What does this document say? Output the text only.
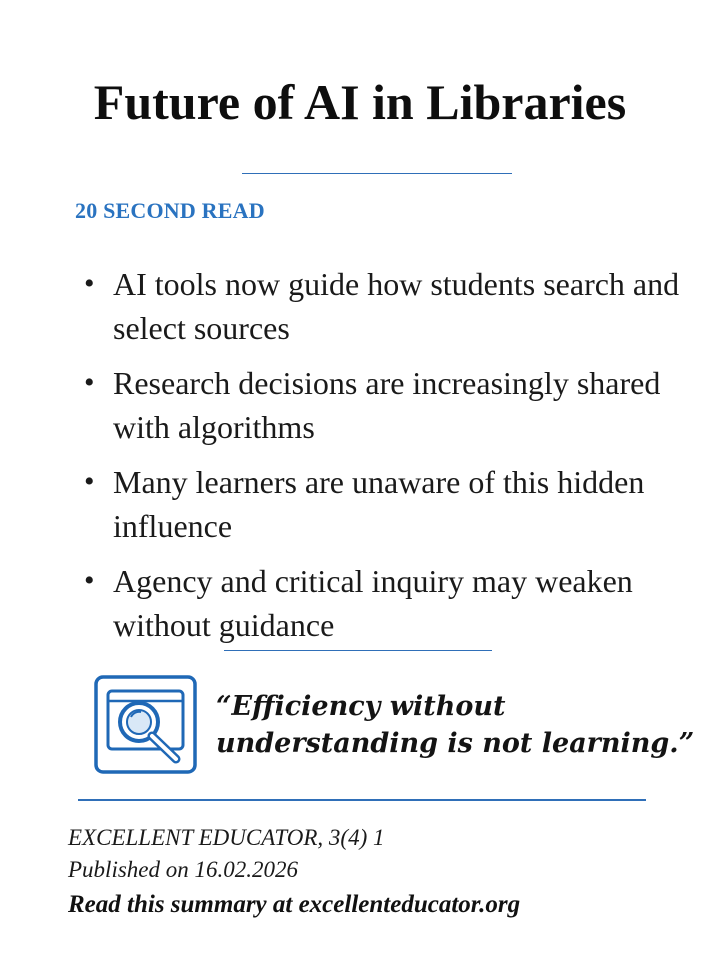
Future of AI in Libraries
20 SECOND READ
• AI tools now guide how students search and select sources
• Research decisions are increasingly shared with algorithms
• Many learners are unaware of this hidden influence
• Agency and critical inquiry may weaken without guidance

“Efficiency without understanding is not learning.”

EXCELLENT EDUCATOR, 3(4) 1
Published on 16.02.2026
Read this summary at excellenteducator.org
